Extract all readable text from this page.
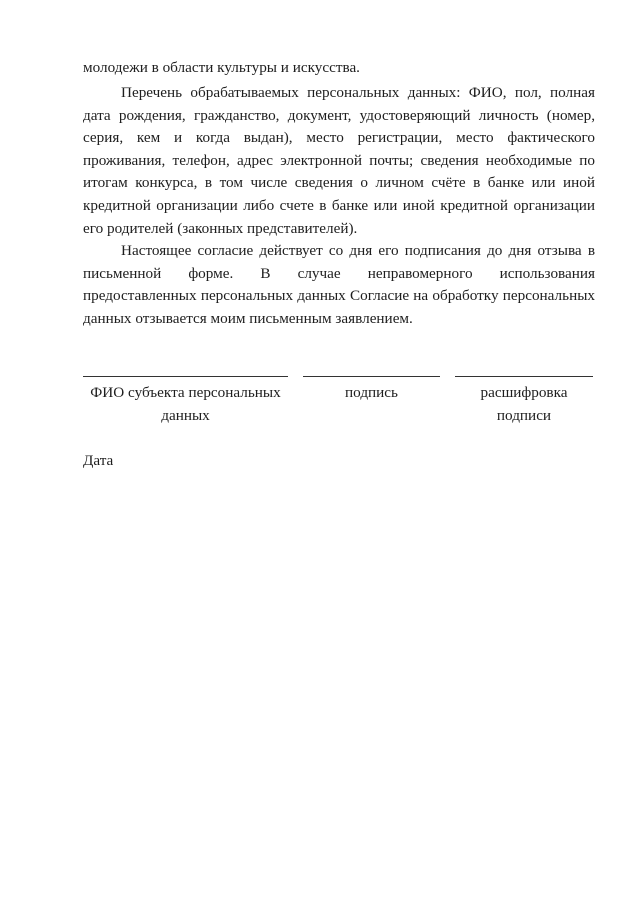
молодежи в области культуры и искусства.

Перечень обрабатываемых персональных данных: ФИО, пол, полная дата рождения, гражданство, документ, удостоверяющий личность (номер, серия, кем и когда выдан), место регистрации, место фактического проживания, телефон, адрес электронной почты; сведения необходимые по итогам конкурса, в том числе сведения о личном счёте в банке или иной кредитной организации либо счете в банке или иной кредитной организации его родителей (законных представителей).

Настоящее согласие действует со дня его подписания до дня отзыва в письменной форме. В случае неправомерного использования предоставленных персональных данных Согласие на обработку персональных данных отзывается моим письменным заявлением.

ФИО субъекта персональных
данных
подпись	расшифровка
подписи

Дата
